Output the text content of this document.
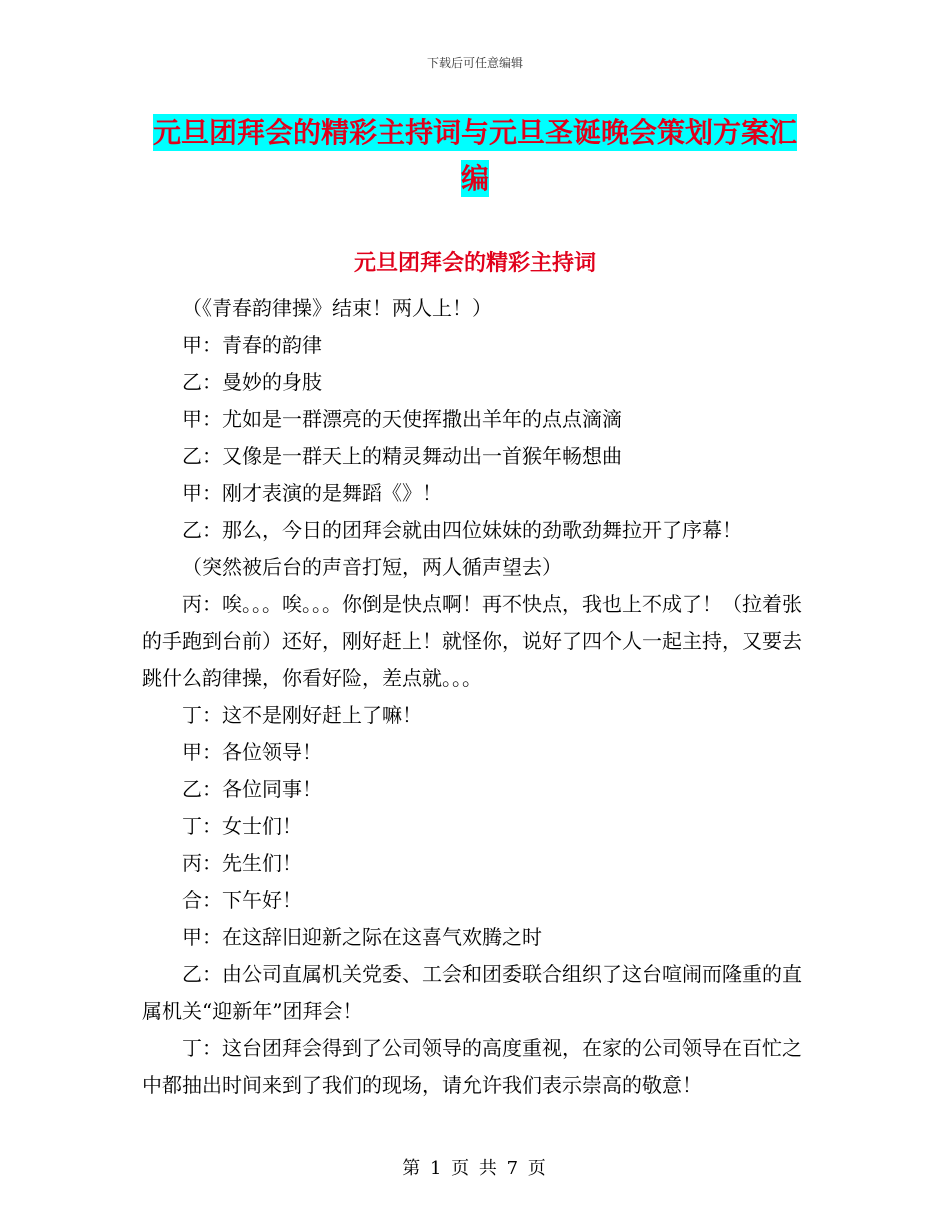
下载后可任意编辑
元旦团拜会的精彩主持词与元旦圣诞晚会策划方案汇
编
元旦团拜会的精彩主持词

（《青春韵律操》结束！两人上！）

甲：青春的韵律

乙：曼妙的身肢

甲：尤如是一群漂亮的天使挥撒出羊年的点点滴滴

乙：又像是一群天上的精灵舞动出一首猴年畅想曲

甲：刚才表演的是舞蹈《》！

乙：那么，今日的团拜会就由四位妹妹的劲歌劲舞拉开了序幕！

（突然被后台的声音打短，两人循声望去）

丙：唉。。。唉。。。你倒是快点啊！再不快点，我也上不成了！（拉着张的手跑到台前）还好，刚好赶上！就怪你，说好了四个人一起主持，又要去跳什么韵律操，你看好险，差点就。。。

丁：这不是刚好赶上了嘛！

甲：各位领导！

乙：各位同事！

丁：女士们！

丙：先生们！

合：下午好！

甲：在这辞旧迎新之际在这喜气欢腾之时

乙：由公司直属机关党委、工会和团委联合组织了这台喧闹而隆重的直属机关“迎新年”团拜会！

丁：这台团拜会得到了公司领导的高度重视，在家的公司领导在百忙之中都抽出时间来到了我们的现场，请允许我们表示崇高的敬意！

第 1 页 共 7 页
